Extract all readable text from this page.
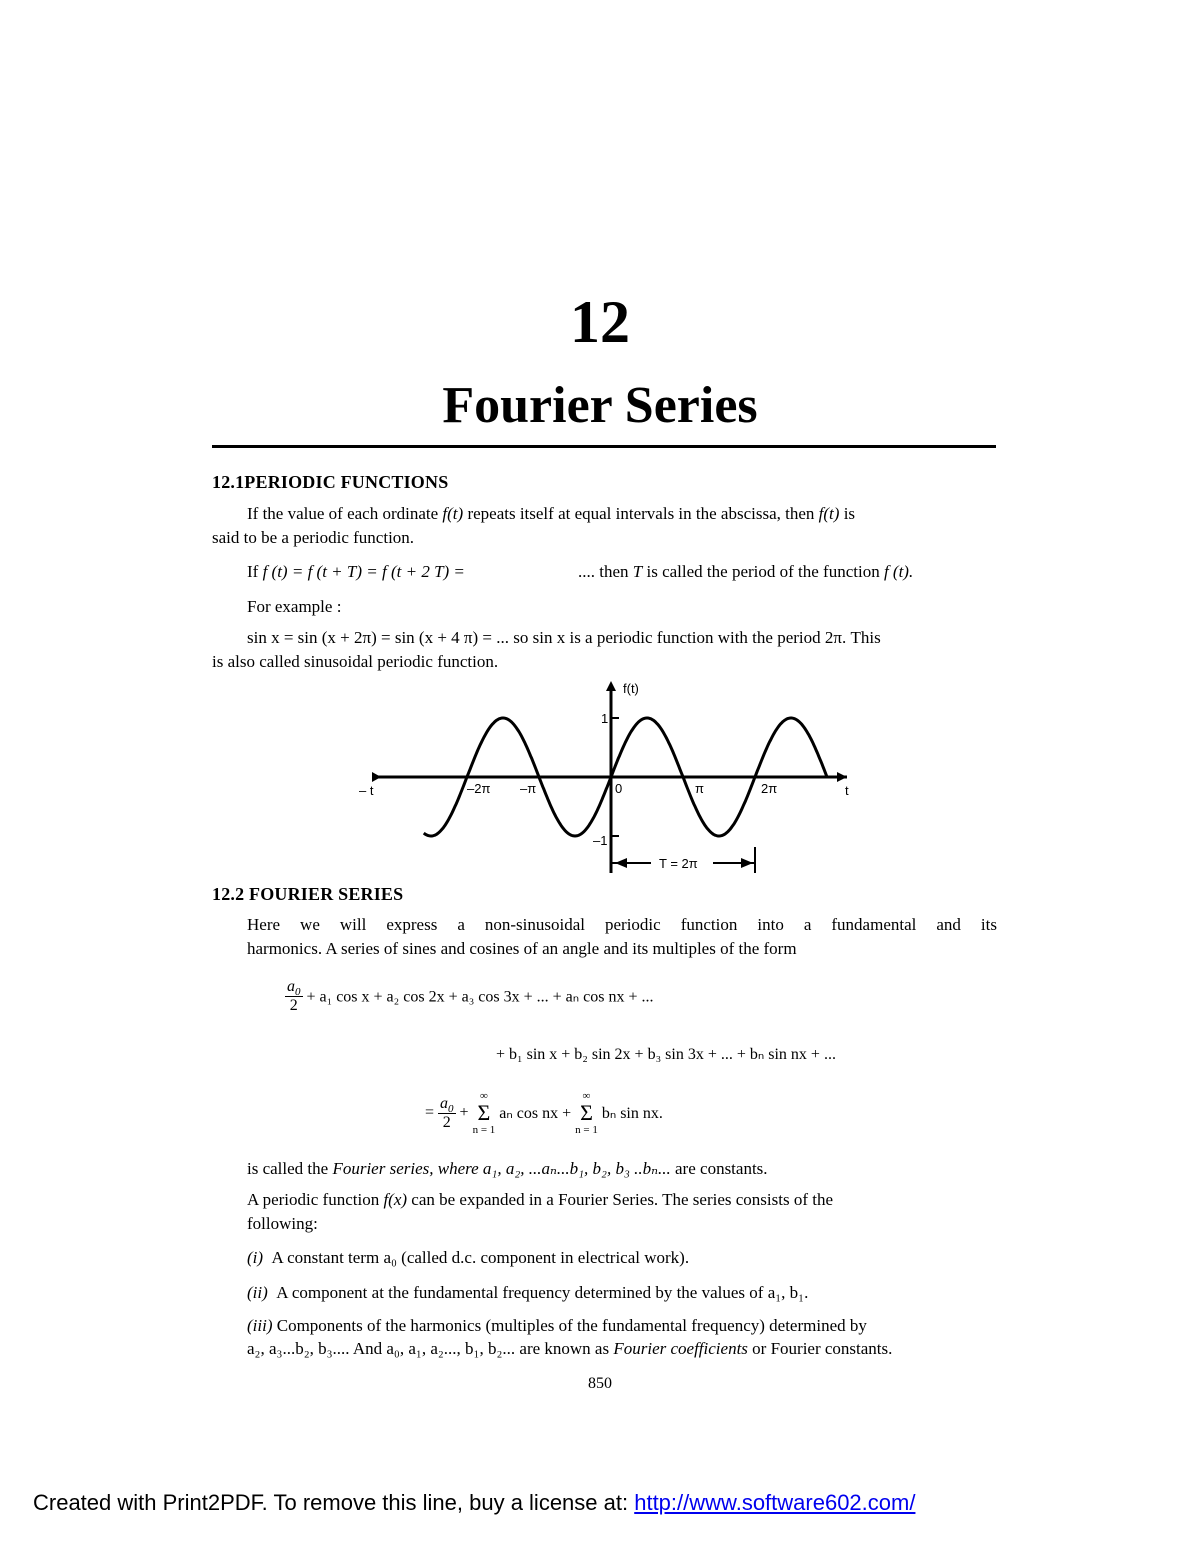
12
Fourier Series
12.1PERIODIC FUNCTIONS
If the value of each ordinate f(t) repeats itself at equal intervals in the abscissa, then f(t) is
said to be a periodic function.
If f (t) = f (t + T) = f (t + 2 T) =	.... then T is called the period of the function f (t).
For example :
sin x = sin (x + 2π) = sin (x + 4 π) = ... so sin x is a periodic function with the period 2π. This
is also called sinusoidal periodic function.
f(t)
t
– t	–2π –π	0	π	2π
1
–1
T = 2π
12.2 FOURIER SERIES
Here we will express a non-sinusoidal periodic function into a fundamental and its
harmonics. A series of sines and cosines of an angle and its multiples of the form
$\frac{a_0}{2} + a_1$ cos x + a₂ cos 2x + a₃ cos 3x + ... + aₙ cos nx + ...
+ b₁ sin x + b₂ sin 2x + b₃ sin 3x + ... + bₙ sin nx + ...
= $\frac{a_0}{2}$ +
∞
Σ
n = 1
aₙ cos nx +
∞
Σ
n = 1
bₙ sin nx.
is called the Fourier series, where a₁, a₂, ...aₙ...b₁, b₂, b₃ ..bₙ... are constants.
A periodic function f(x) can be expanded in a Fourier Series. The series consists of the
following:
(i) A constant term a₀ (called d.c. component in electrical work).
(ii) A component at the fundamental frequency determined by the values of a₁, b₁.
(iii) Components of the harmonics (multiples of the fundamental frequency) determined by
a₂, a₃...b₂, b₃.... And a₀, a₁, a₂..., b₁, b₂... are known as Fourier coefficients or Fourier constants.
850
Created with Print2PDF. To remove this line, buy a license at: http://www.software602.com/
